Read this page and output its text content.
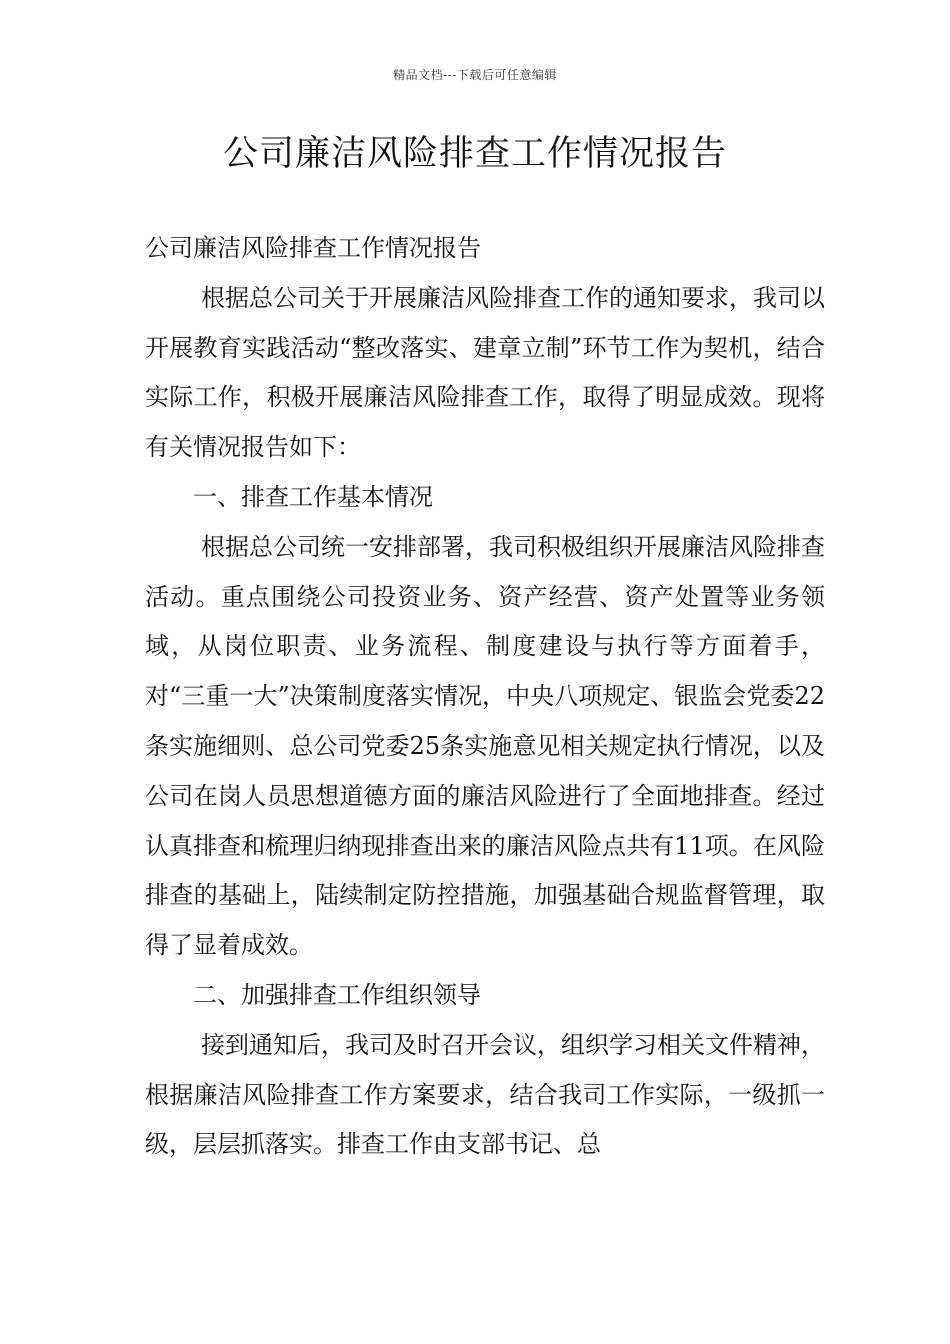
精品文档---下载后可任意编辑
公司廉洁风险排查工作情况报告

公司廉洁风险排查工作情况报告

根据总公司关于开展廉洁风险排查工作的通知要求，我司以开展教育实践活动“整改落实、建章立制”环节工作为契机，结合实际工作，积极开展廉洁风险排查工作，取得了明显成效。现将有关情况报告如下：

一、排查工作基本情况

根据总公司统一安排部署，我司积极组织开展廉洁风险排查活动。重点围绕公司投资业务、资产经营、资产处置等业务领域，从岗位职责、业务流程、制度建设与执行等方面着手，对“三重一大”决策制度落实情况，中央八项规定、银监会党委22条实施细则、总公司党委25条实施意见相关规定执行情况，以及公司在岗人员思想道德方面的廉洁风险进行了全面地排查。经过认真排查和梳理归纳现排查出来的廉洁风险点共有11项。在风险排查的基础上，陆续制定防控措施，加强基础合规监督管理，取得了显着成效。

二、加强排查工作组织领导

接到通知后，我司及时召开会议，组织学习相关文件精神，根据廉洁风险排查工作方案要求，结合我司工作实际，一级抓一级，层层抓落实。排查工作由支部书记、总
